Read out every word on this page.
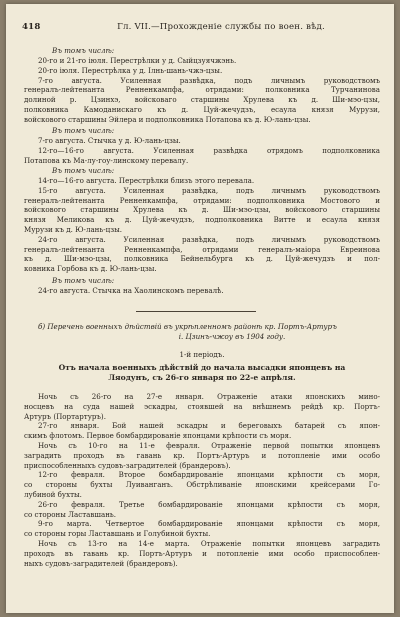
418	Гл. VII.—Прохожденіе службы по воен. вѣд.
Въ томъ числѣ:
20-го и 21-го іюля. Перестрѣлки у д. Сыйцзуячжэнь.
20-го іюля. Перестрѣлка у д. Ілнь-шань-чжэ-цзы.
7-го августа. Усиленная развѣдка, подъ личнымъ руководствомъ
генералъ-лейтенанта Ренненкампфа, отрядами: полковника Турчанинова
долиной р. Цзинхэ, войсковаго старшины Хрулева къ д. Ши-мэо-цзы,
полковника Камоданискаго къ д. Цуй-жечудзъ, есаула князя Мурузи,
войскового старшины Эйлера и подполковника Потапова къ д. Ю-лань-цзы.
Въ томъ числѣ:
7-го августа. Стычка у д. Ю-лань-цзы.
12-го—16-го августа. Усиленная развѣдка отрядомъ подполковника
Потапова къ Ма-лу-гоу-линскому перевалу.
Въ томъ числѣ:
14-го—16-го августа. Перестрѣлки близъ этого перевала.
15-го августа. Усиленная развѣдка, подъ личнымъ руководствомъ
генералъ-лейтенанта Ренненкампфа, отрядами: подполковника Мостового и
войскового старшины Хрулева къ д. Ши-мэо-цзы, войскового старшины
князя Меликова къ д. Цуй-жечудзъ, подполковника Витте и есаула князя
Мурузи къ д. Ю-лань-цзы.
24-го августа. Усиленная развѣдка, подъ личнымъ руководствомъ
генералъ-лейтенанта Ренненкампфа, отрядами генералъ-маіора Евреинова
къ д. Ши-мэо-цзы, полковника Бейнельбурга къ д. Цуй-жечудзъ и пол-
ковника Горбова къ д. Ю-лань-цзы.
Въ томъ числѣ:
24-го августа. Стычка на Хаолинскомъ перевалѣ.
б) Перечень военныхъ дѣйствій въ укрѣпленномъ районѣ кр. Портъ-Артуръ
і. Цзинъ-чжоу въ 1904 году.
1-й періодъ.
Отъ начала военныхъ дѣйствій до начала высадки японцевъ на
Ляодунъ, съ 26-го января по 22-е апрѣля.
Ночь съ 26-го на 27-е января. Отраженіе атаки японскихъ мино-
носцевъ на суда нашей эскадры, стоявшей на внѣшнемъ рейдѣ кр. Портъ-
Артуръ (Портартуръ).
27-го января. Бой нашей эскадры и береговыхъ батарей съ япон-
скимъ флотомъ. Первое бомбардированіе японцами крѣпости съ моря.
Ночь съ 10-го на 11-е февраля. Отраженіе первой попытки японцевъ
заградить проходъ въ гавань кр. Портъ-Артуръ и потопленіе ими особо
приспособленныхъ судовъ-заградителей (брандеровъ).
12-го февраля. Второе бомбардированіе японцами крѣпости съ моря,
со стороны бухты Луиванганъ. Обстрѣливаніе японскими крейсерами Го-
лубиной бухты.
26-го февраля. Третье бомбардированіе японцами крѣпости съ моря,
со стороны Ластавшань.
9-го марта. Четвертое бомбардированіе японцами крѣпости съ моря,
со стороны горы Ластавшань и Голубиной бухты.
Ночь съ 13-го на 14-е марта. Отраженіе попытки японцевъ заградить
проходъ въ гавань кр. Портъ-Артуръ и потопленіе ими особо приспособлен-
ныхъ судовъ-заградителей (брандеровъ).
